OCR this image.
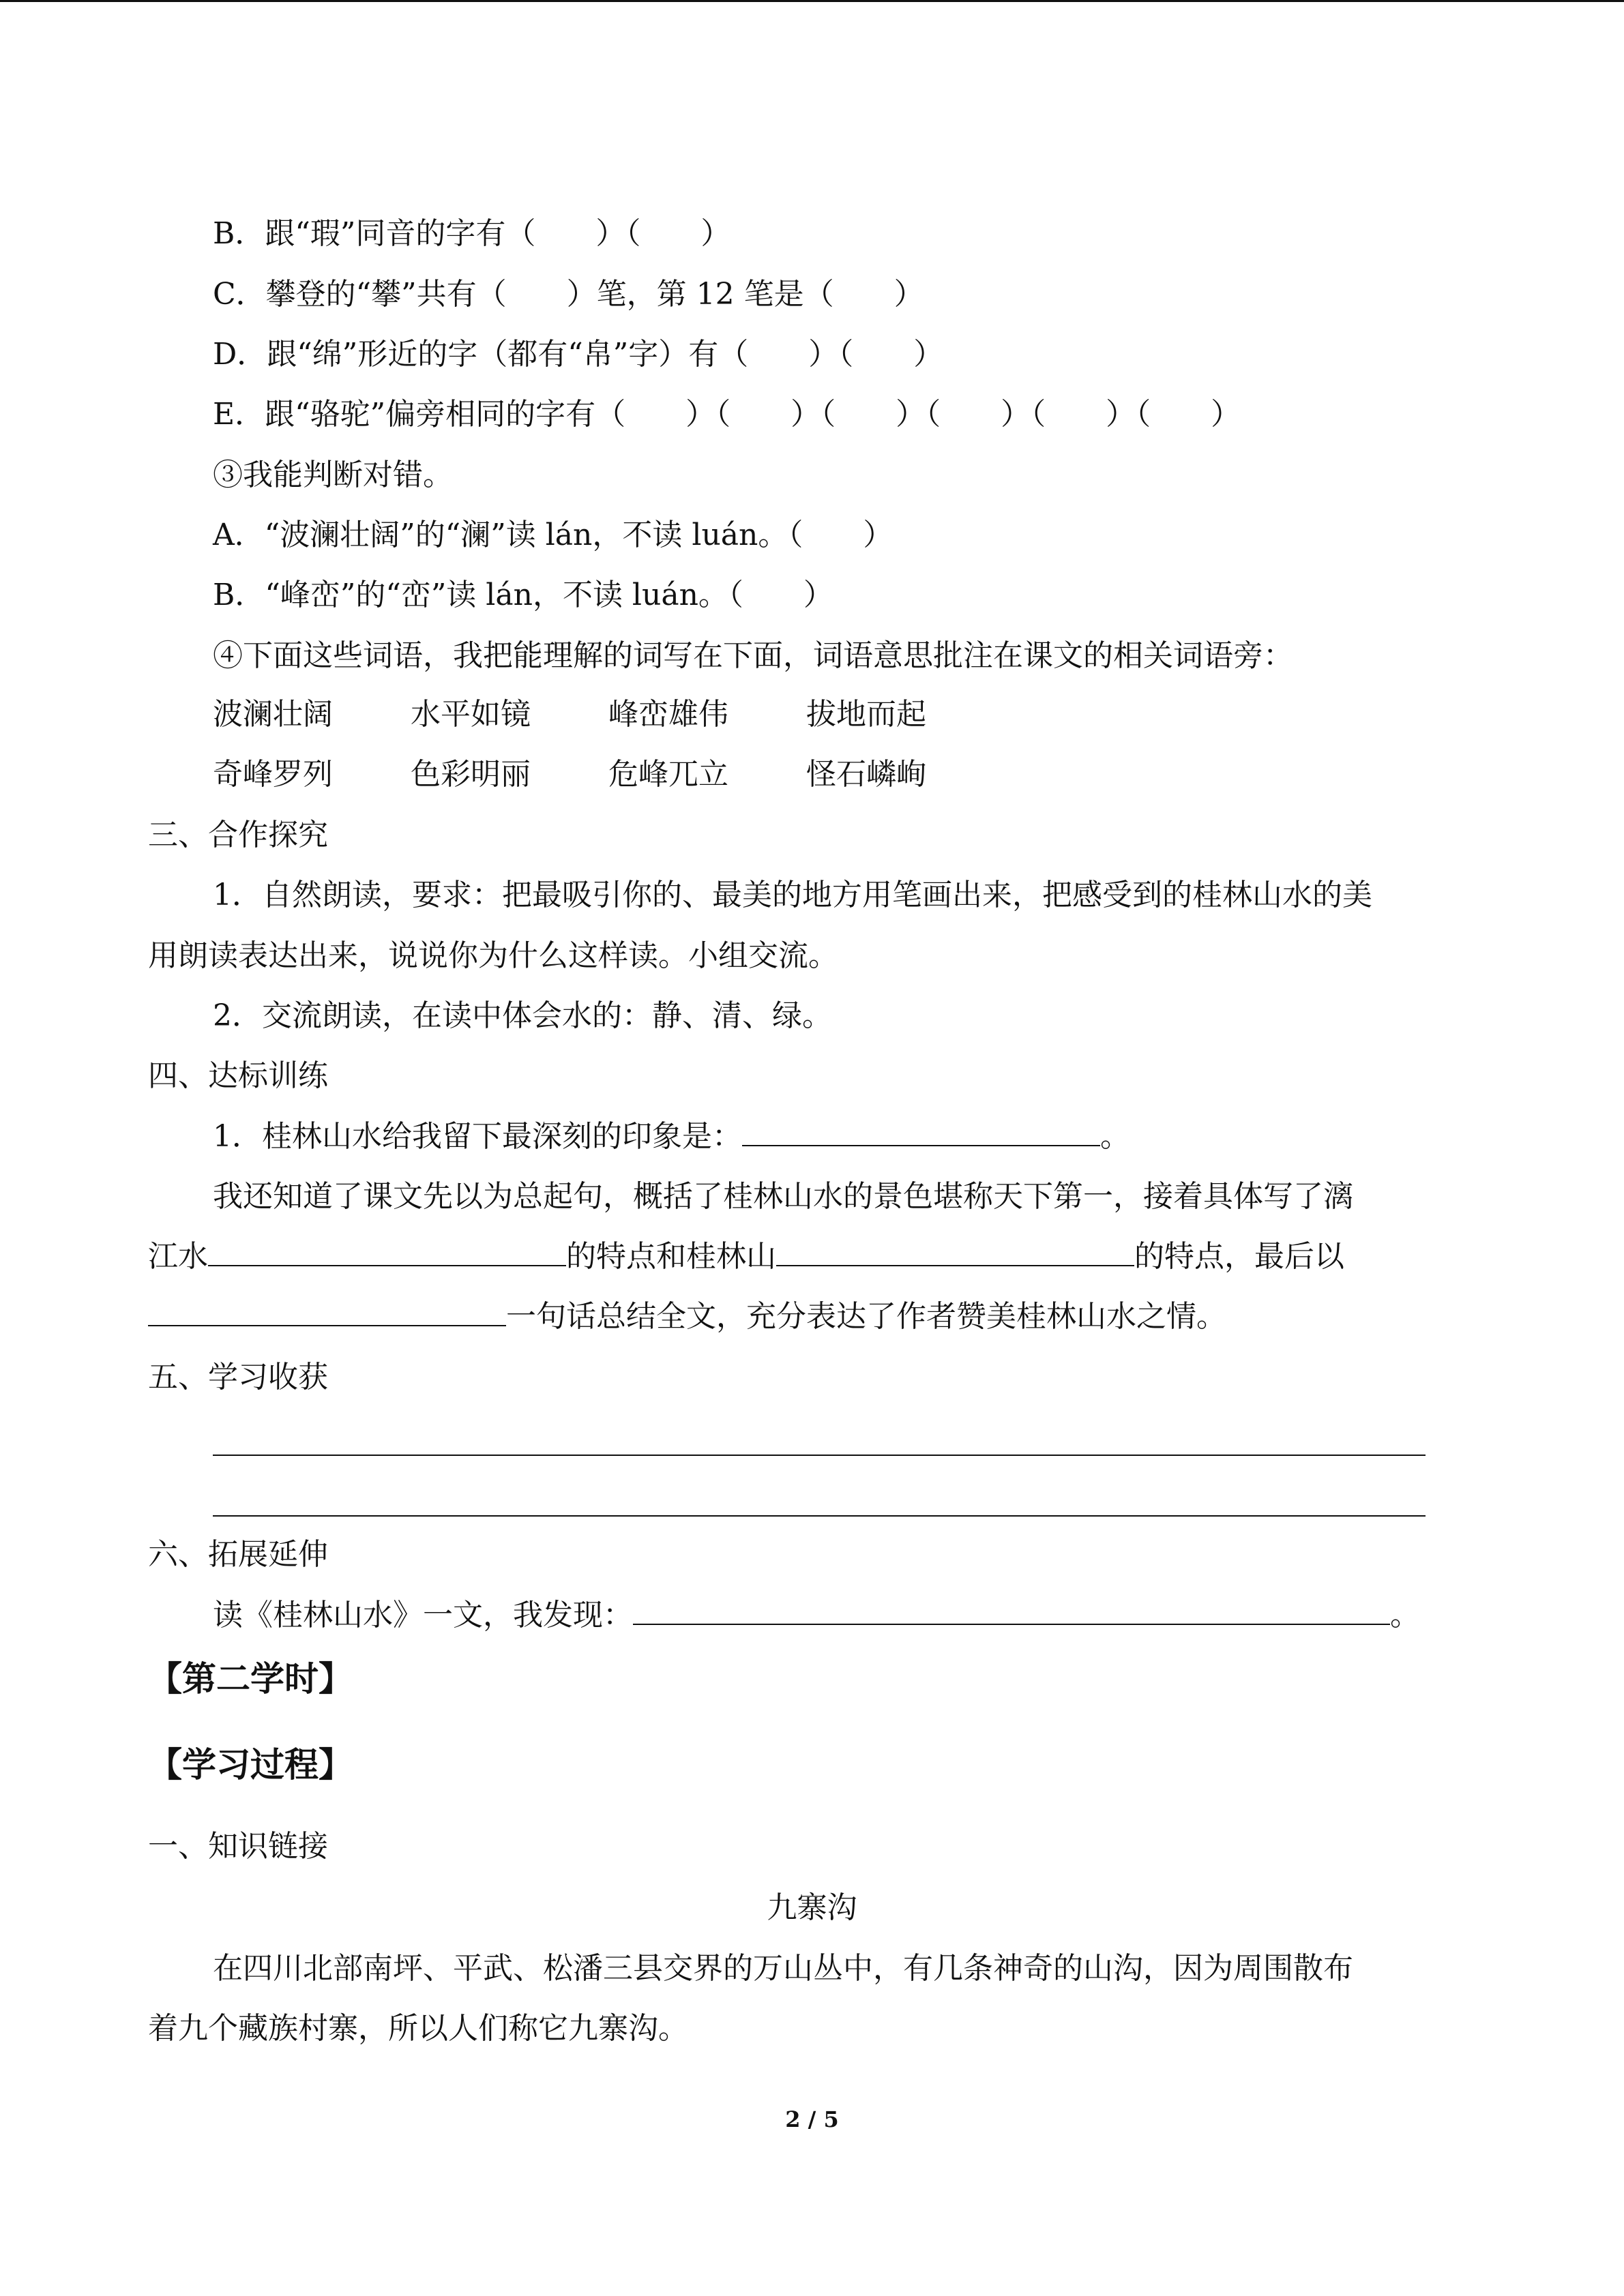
B．跟“瑕”同音的字有（　　）（　　）
C．攀登的“攀”共有（　　）笔，第 12 笔是（　　）
D．跟“绵”形近的字（都有“帛”字）有（　　）（　　）
E．跟“骆驼”偏旁相同的字有（　　）（　　）（　　）（　　）（　　）（　　）
③我能判断对错。
A．“波澜壮阔”的“澜”读 lán，不读 luán。（　　）
B．“峰峦”的“峦”读 lán，不读 luán。（　　）
④下面这些词语，我把能理解的词写在下面，词语意思批注在课文的相关词语旁：
波澜壮阔	水平如镜	峰峦雄伟	拔地而起
奇峰罗列	色彩明丽	危峰兀立	怪石嶙峋
三、合作探究
1．自然朗读，要求：把最吸引你的、最美的地方用笔画出来，把感受到的桂林山水的美
用朗读表达出来，说说你为什么这样读。小组交流。
2．交流朗读，在读中体会水的：静、清、绿。
四、达标训练
1．桂林山水给我留下最深刻的印象是：	。
我还知道了课文先以为总起句，概括了桂林山水的景色堪称天下第一，接着具体写了漓
江水	的特点和桂林山	的特点，最后以
一句话总结全文，充分表达了作者赞美桂林山水之情。
五、学习收获
六、拓展延伸
读《桂林山水》一文，我发现：	。
【第二学时】
【学习过程】
一、知识链接
九寨沟
在四川北部南坪、平武、松潘三县交界的万山丛中，有几条神奇的山沟，因为周围散布
着九个藏族村寨，所以人们称它九寨沟。
2 / 5
